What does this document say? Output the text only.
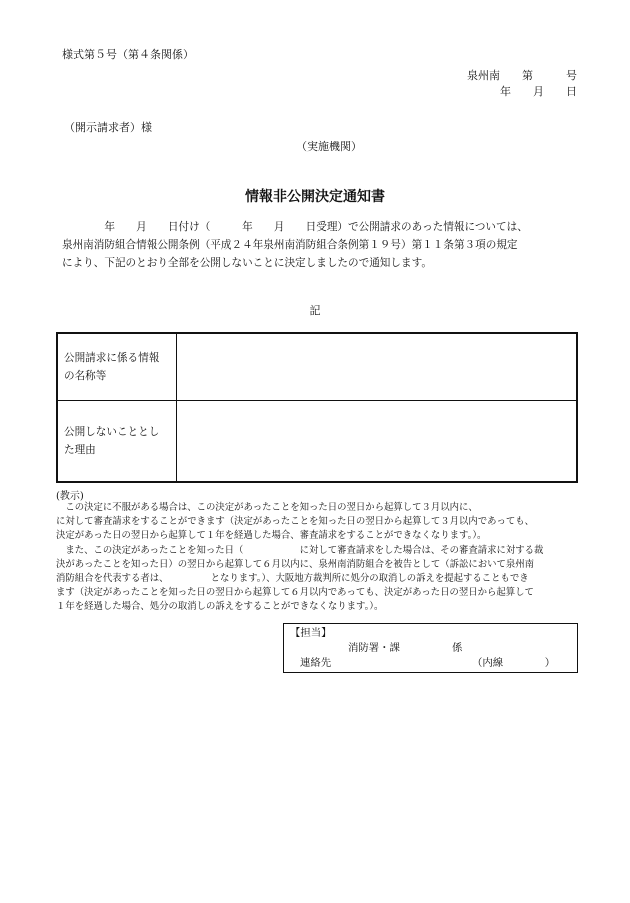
様式第５号（第４条関係）
泉州南　　第　　　号
年　　月　　日
（開示請求者）様
（実施機関）
情報非公開決定通知書
　　　　年　　月　　日付け（　　　年　　月　　日受理）で公開請求のあった情報については、
泉州南消防組合情報公開条例（平成２４年泉州南消防組合条例第１９号）第１１条第３項の規定
により、下記のとおり全部を公開しないことに決定しましたので通知します。
記
公開請求に係る情報
の名称等	

公開しないこととし
た理由	

(教示)
　この決定に不服がある場合は、この決定があったことを知った日の翌日から起算して３月以内に、
に対して審査請求をすることができます（決定があったことを知った日の翌日から起算して３月以内であっても、
決定があった日の翌日から起算して１年を経過した場合、審査請求をすることができなくなります。）。
　また、この決定があったことを知った日（　　　　　　に対して審査請求をした場合は、その審査請求に対する裁
決があったことを知った日）の翌日から起算して６月以内に、泉州南消防組合を被告として（訴訟において泉州南
消防組合を代表する者は、　　　　　となります。）、大阪地方裁判所に処分の取消しの訴えを提起することもでき
ます（決定があったことを知った日の翌日から起算して６月以内であっても、決定があった日の翌日から起算して
１年を経過した場合、処分の取消しの訴えをすることができなくなります。）。
【担当】
消防署・課	係
連絡先	（内線　　　　）
